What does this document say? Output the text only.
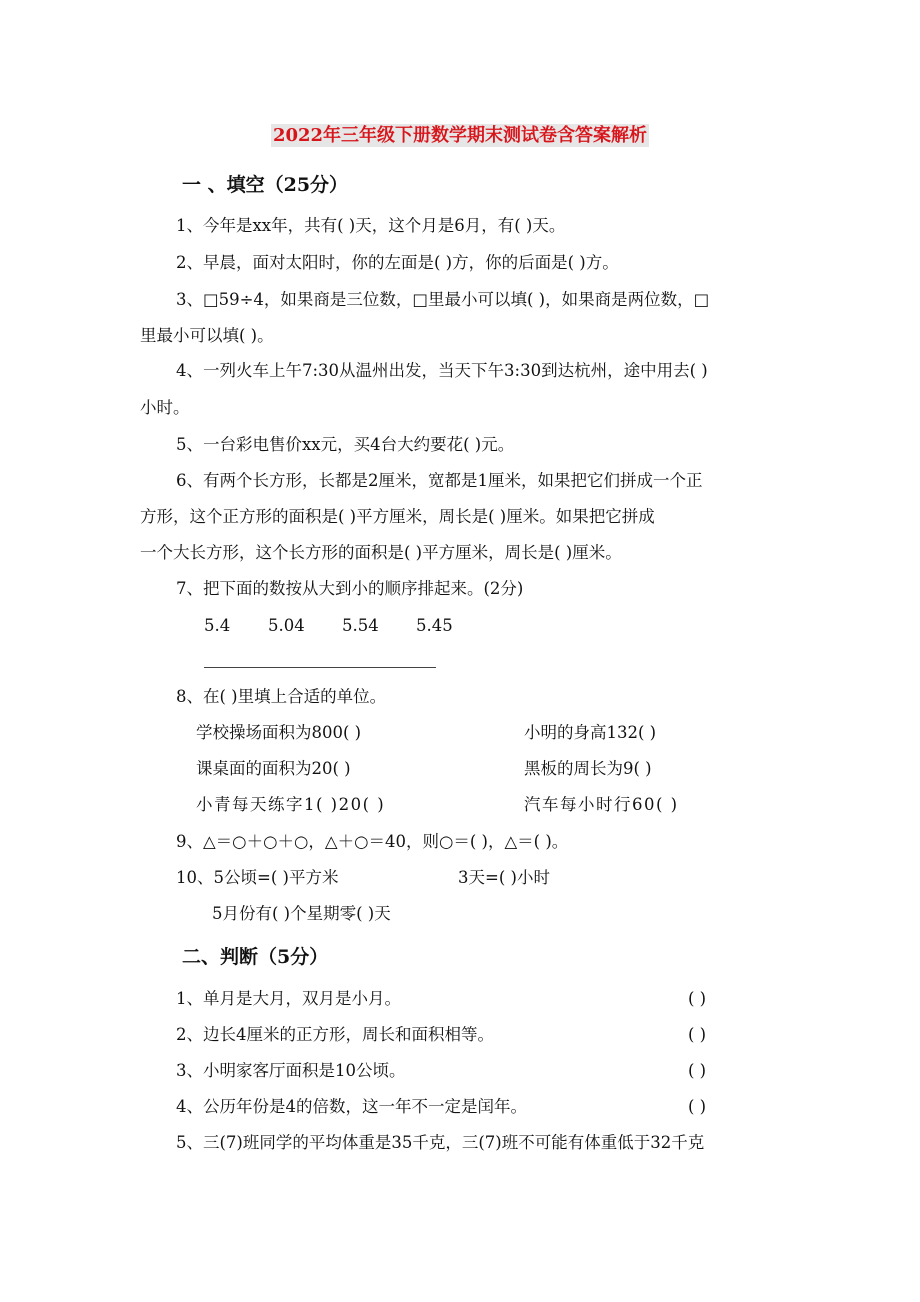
2022年三年级下册数学期末测试卷含答案解析
一 、填空（25分）
1、今年是xx年，共有( )天，这个月是6月，有( )天。
2、早晨，面对太阳时，你的左面是( )方，你的后面是( )方。
3、□59÷4，如果商是三位数，□里最小可以填( )，如果商是两位数，□
里最小可以填( )。
4、一列火车上午7:30从温州出发，当天下午3:30到达杭州，途中用去( )
小时。
5、一台彩电售价xx元，买4台大约要花( )元。
6、有两个长方形，长都是2厘米，宽都是1厘米，如果把它们拼成一个正
方形，这个正方形的面积是( )平方厘米，周长是( )厘米。如果把它拼成
一个大长方形，这个长方形的面积是( )平方厘米，周长是( )厘米。
7、把下面的数按从大到小的顺序排起来。(2分)
5.4 5.04 5.54 5.45
8、在( )里填上合适的单位。
学校操场面积为800( )	小明的身高132( )
课桌面的面积为20( )	黑板的周长为9( )
小青每天练字1( )20( )	汽车每小时行60( )
9、△＝○＋○＋○，△＋○＝40，则○＝( )，△＝( )。
10、5公顷=( )平方米	3天=( )小时
5月份有( )个星期零( )天
二、判断（5分）
1、单月是大月，双月是小月。	( )
2、边长4厘米的正方形，周长和面积相等。	( )
3、小明家客厅面积是10公顷。	( )
4、公历年份是4的倍数，这一年不一定是闰年。	( )
5、三(7)班同学的平均体重是35千克，三(7)班不可能有体重低于32千克
